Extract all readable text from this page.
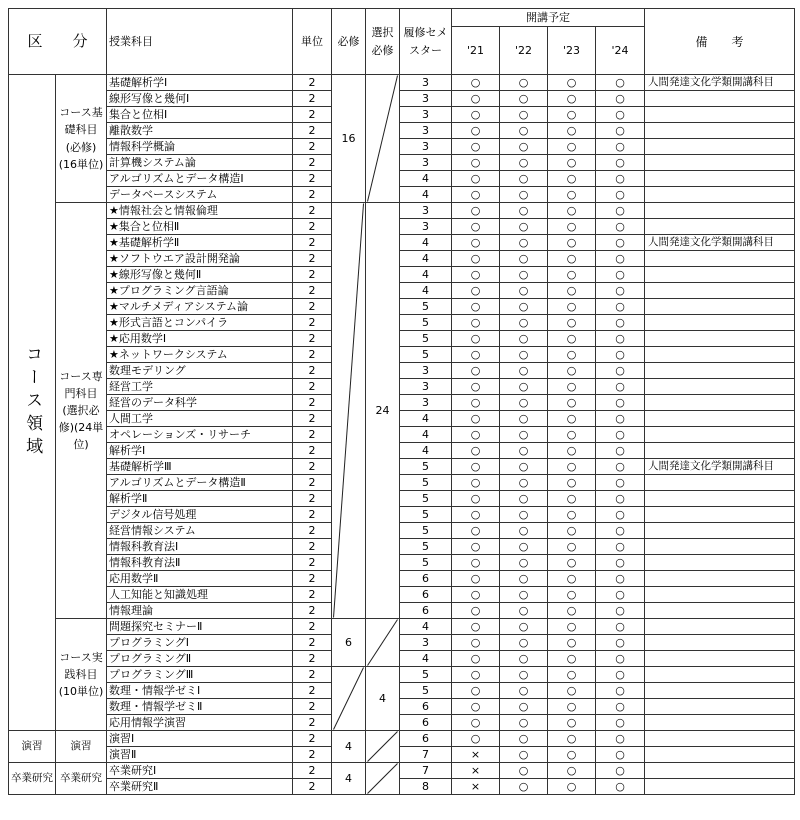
区　　分		授業科目	単位	必修	選択必修	履修セメスター	開講予定				備　　考
							'21	'22	'23	'24	
コース領域	コース基礎科目(必修)(16単位)	基礎解析学Ⅰ	2	16		3	○	○	○	○	人間発達文化学類開講科目
		線形写像と幾何Ⅰ	2			3	○	○	○	○	
		集合と位相Ⅰ	2			3	○	○	○	○	
		離散数学	2			3	○	○	○	○	
		情報科学概論	2			3	○	○	○	○	
		計算機システム論	2			3	○	○	○	○	
		アルゴリズムとデータ構造Ⅰ	2			4	○	○	○	○	
		データベースシステム	2			4	○	○	○	○	
	コース専門科目(選択必修)(24単位)	★情報社会と情報倫理	2		24	3	○	○	○	○	
		★集合と位相Ⅱ	2			3	○	○	○	○	
		★基礎解析学Ⅱ	2			4	○	○	○	○	人間発達文化学類開講科目
		★ソフトウエア設計開発論	2			4	○	○	○	○	
		★線形写像と幾何Ⅱ	2			4	○	○	○	○	
		★プログラミング言語論	2			4	○	○	○	○	
		★マルチメディアシステム論	2			5	○	○	○	○	
		★形式言語とコンパイラ	2			5	○	○	○	○	
		★応用数学Ⅰ	2			5	○	○	○	○	
		★ネットワークシステム	2			5	○	○	○	○	
		数理モデリング	2			3	○	○	○	○	
		経営工学	2			3	○	○	○	○	
		経営のデータ科学	2			3	○	○	○	○	
		人間工学	2			4	○	○	○	○	
		オペレーションズ・リサーチ	2			4	○	○	○	○	
		解析学Ⅰ	2			4	○	○	○	○	
		基礎解析学Ⅲ	2			5	○	○	○	○	人間発達文化学類開講科目
		アルゴリズムとデータ構造Ⅱ	2			5	○	○	○	○	
		解析学Ⅱ	2			5	○	○	○	○	
		デジタル信号処理	2			5	○	○	○	○	
		経営情報システム	2			5	○	○	○	○	
		情報科教育法Ⅰ	2			5	○	○	○	○	
		情報科教育法Ⅱ	2			5	○	○	○	○	
		応用数学Ⅱ	2			6	○	○	○	○	
		人工知能と知識処理	2			6	○	○	○	○	
		情報理論	2			6	○	○	○	○	
	コース実践科目(10単位)	問題探究セミナーⅡ	2	6		4	○	○	○	○	
		プログラミングⅠ	2			3	○	○	○	○	
		プログラミングⅡ	2			4	○	○	○	○	
		プログラミングⅢ	2		4	5	○	○	○	○	
		数理・情報学ゼミⅠ	2			5	○	○	○	○	
		数理・情報学ゼミⅡ	2			6	○	○	○	○	
		応用情報学演習	2			6	○	○	○	○	
演習	演習	演習Ⅰ	2	4		6	○	○	○	○	
		演習Ⅱ	2			7	×	○	○	○	
卒業研究	卒業研究	卒業研究Ⅰ	2	4		7	×	○	○	○	
		卒業研究Ⅱ	2			8	×	○	○	○	
